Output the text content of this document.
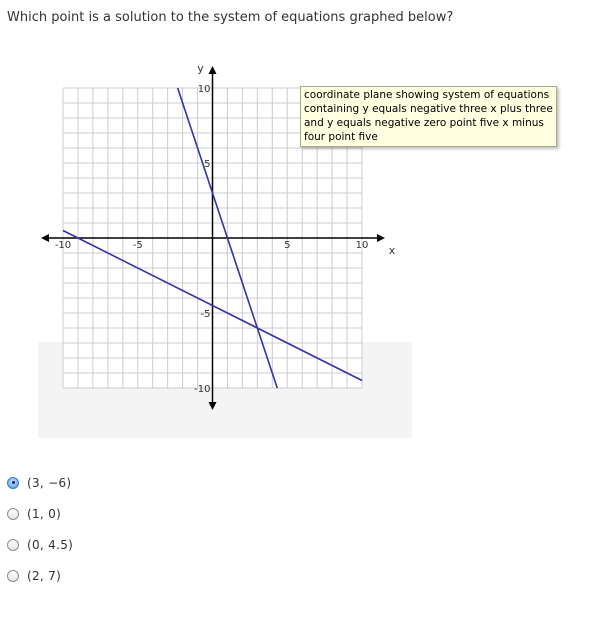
Which point is a solution to the system of equations graphed below?
-10	-5	5	10
10
5
-5
-10
x
y
coordinate plane showing system of equations containing y equals negative three x plus three and y equals negative zero point five x minus four point five
(3, −6)
(1, 0)
(0, 4.5)
(2, 7)
